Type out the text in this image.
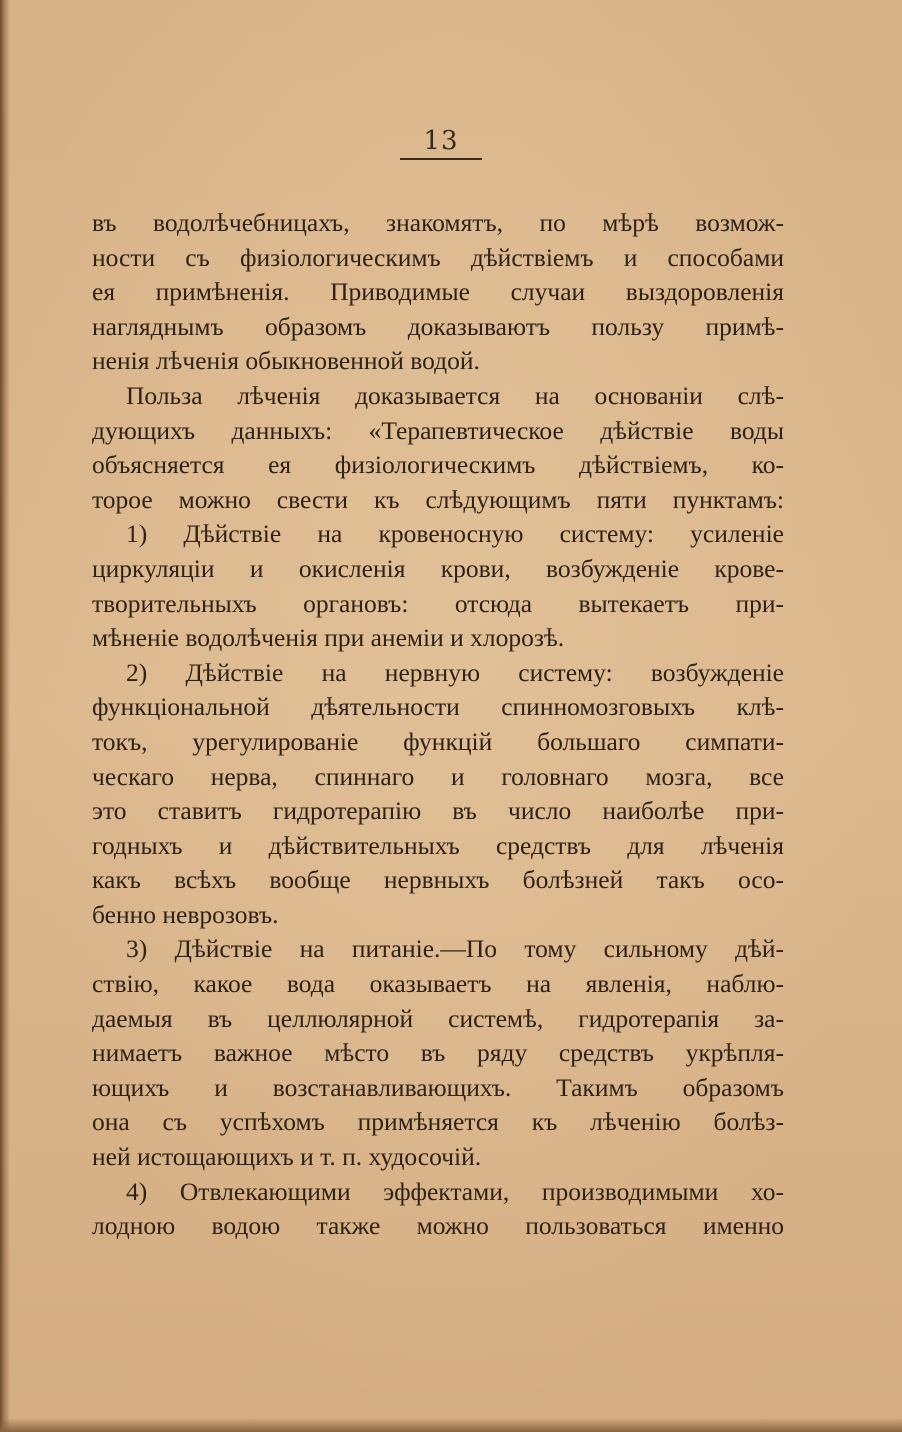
13
въ водолѣчебницахъ, знакомятъ, по мѣрѣ возмож-
ности съ физiологическимъ дѣйствiемъ и способами
ея примѣненiя. Приводимые случаи выздоровленiя
нагляднымъ образомъ доказываютъ пользу примѣ-
ненiя лѣченiя обыкновенной водой.
Польза лѣченiя доказывается на основанiи слѣ-
дующихъ данныхъ: «Терапевтическое дѣйствiе воды
объясняется ея физiологическимъ дѣйствiемъ, ко-
торое можно свести къ слѣдующимъ пяти пунктамъ:
1) Дѣйствiе на кровеносную систему: усиленiе
циркуляцiи и окисленiя крови, возбужденiе крове-
творительныхъ органовъ: отсюда вытекаетъ при-
мѣненiе водолѣченiя при анемiи и хлорозѣ.
2) Дѣйствiе на нервную систему: возбужденiе
функцiональной дѣятельности спинномозговыхъ клѣ-
токъ, урегулированiе функцiй большаго симпати-
ческаго нерва, спиннаго и головнаго мозга, все
это ставитъ гидротерапiю въ число наиболѣе при-
годныхъ и дѣйствительныхъ средствъ для лѣченiя
какъ всѣхъ вообще нервныхъ болѣзней такъ осо-
бенно неврозовъ.
3) Дѣйствiе на питанiе.—По тому сильному дѣй-
ствiю, какое вода оказываетъ на явленiя, наблю-
даемыя въ целлюлярной системѣ, гидротерапiя за-
нимаетъ важное мѣсто въ ряду средствъ укрѣпля-
ющихъ и возстанавливающихъ. Такимъ образомъ
она съ успѣхомъ примѣняется къ лѣченiю болѣз-
ней истощающихъ и т. п. худосочiй.
4) Отвлекающими эффектами, производимыми хо-
лодною водою также можно пользоваться именно
